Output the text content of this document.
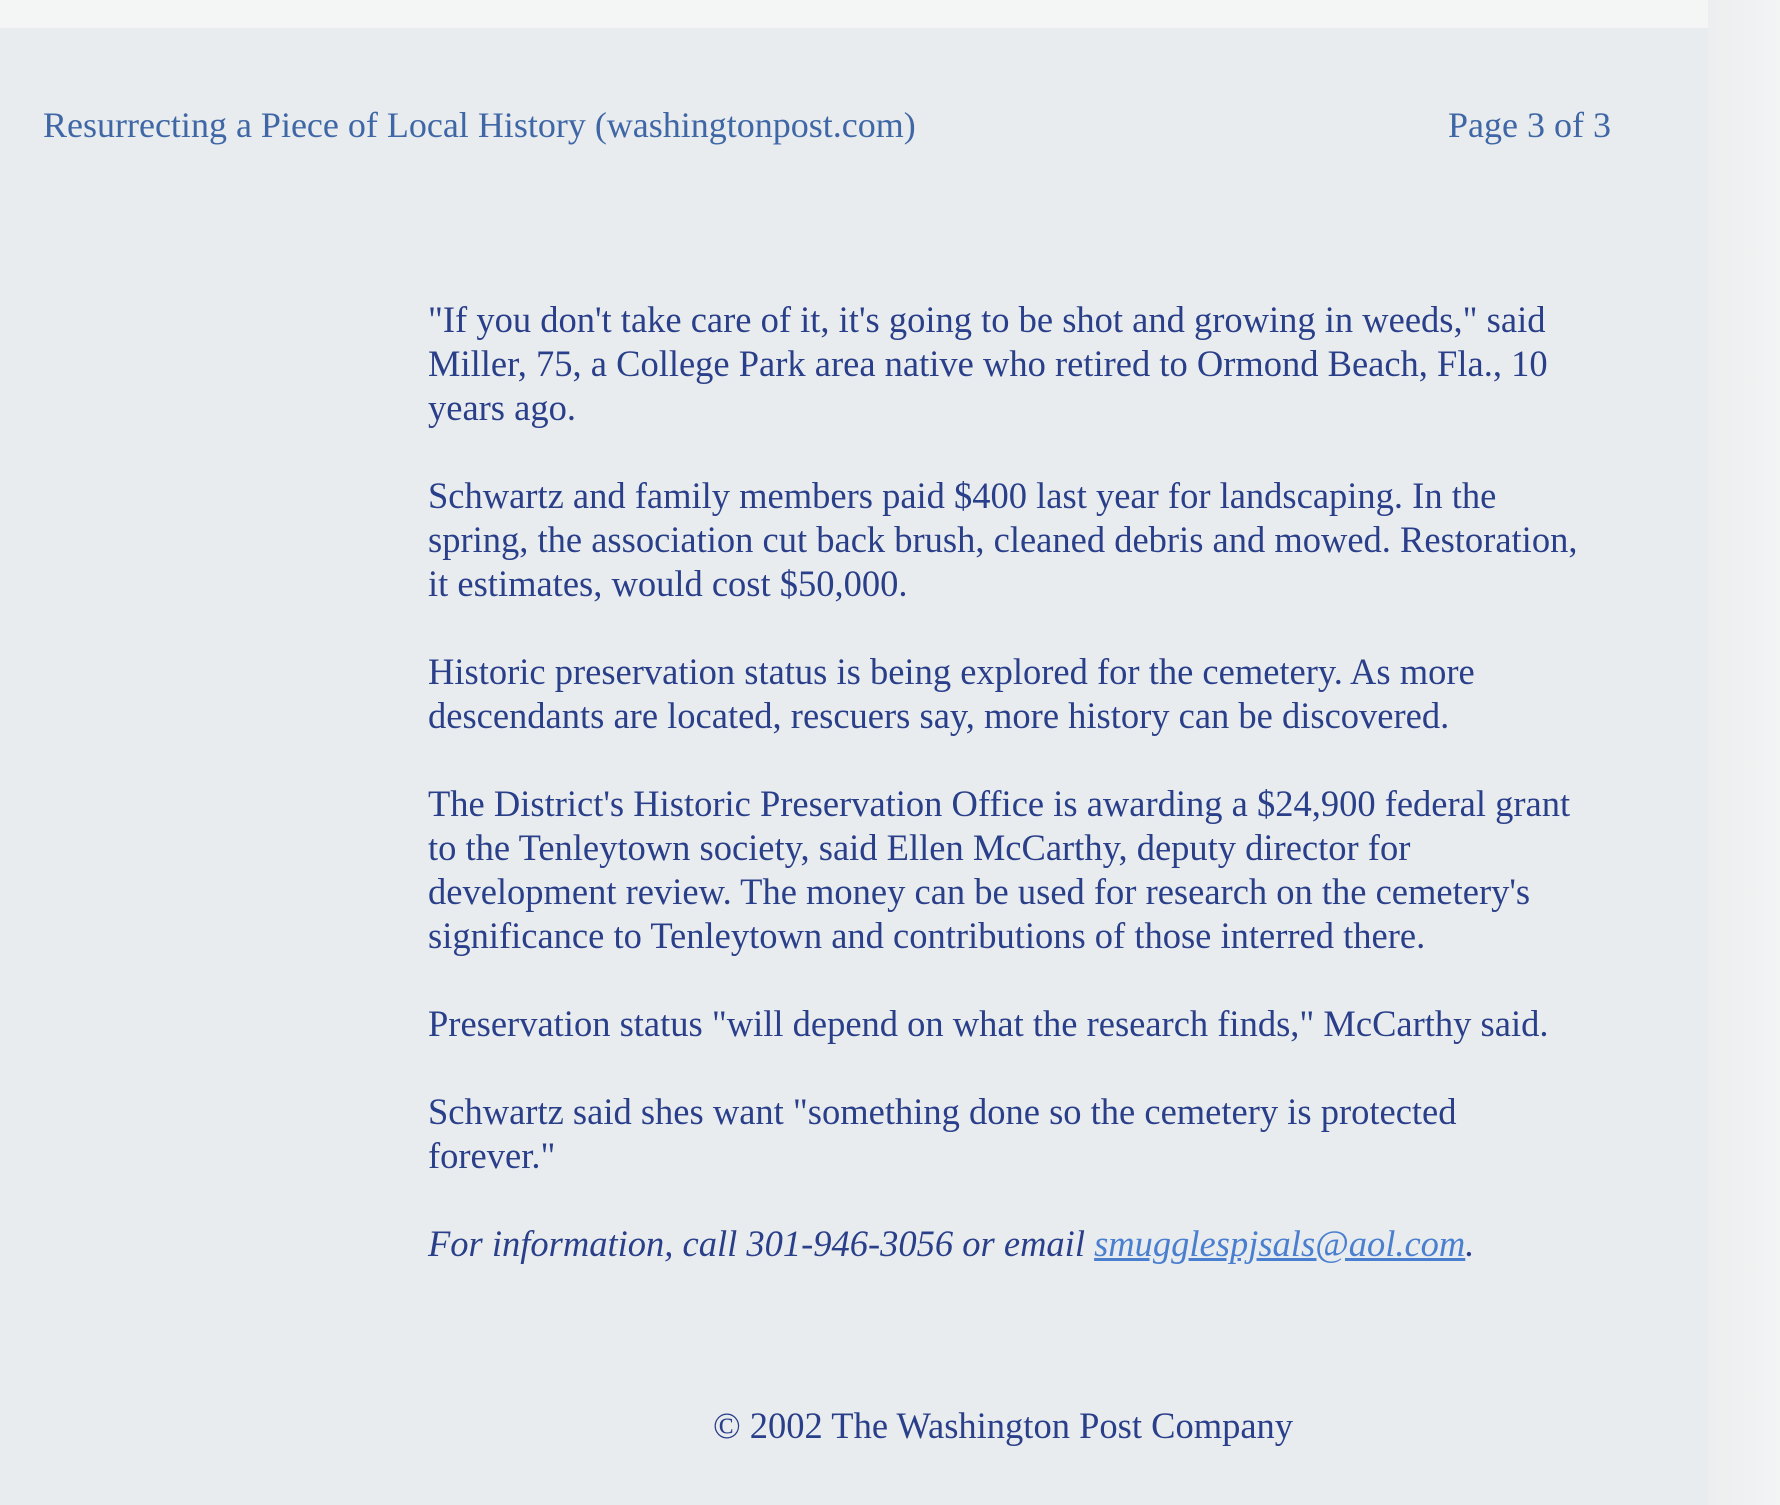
Resurrecting a Piece of Local History (washingtonpost.com)	Page 3 of 3

"If you don't take care of it, it's going to be shot and growing in weeds," said Miller, 75, a College Park area native who retired to Ormond Beach, Fla., 10 years ago.

Schwartz and family members paid $400 last year for landscaping. In the spring, the association cut back brush, cleaned debris and mowed. Restoration, it estimates, would cost $50,000.

Historic preservation status is being explored for the cemetery. As more descendants are located, rescuers say, more history can be discovered.

The District's Historic Preservation Office is awarding a $24,900 federal grant to the Tenleytown society, said Ellen McCarthy, deputy director for development review. The money can be used for research on the cemetery's significance to Tenleytown and contributions of those interred there.

Preservation status "will depend on what the research finds," McCarthy said.

Schwartz said shes want "something done so the cemetery is protected forever."

For information, call 301-946-3056 or email smugglespjsals@aol.com.

© 2002 The Washington Post Company
